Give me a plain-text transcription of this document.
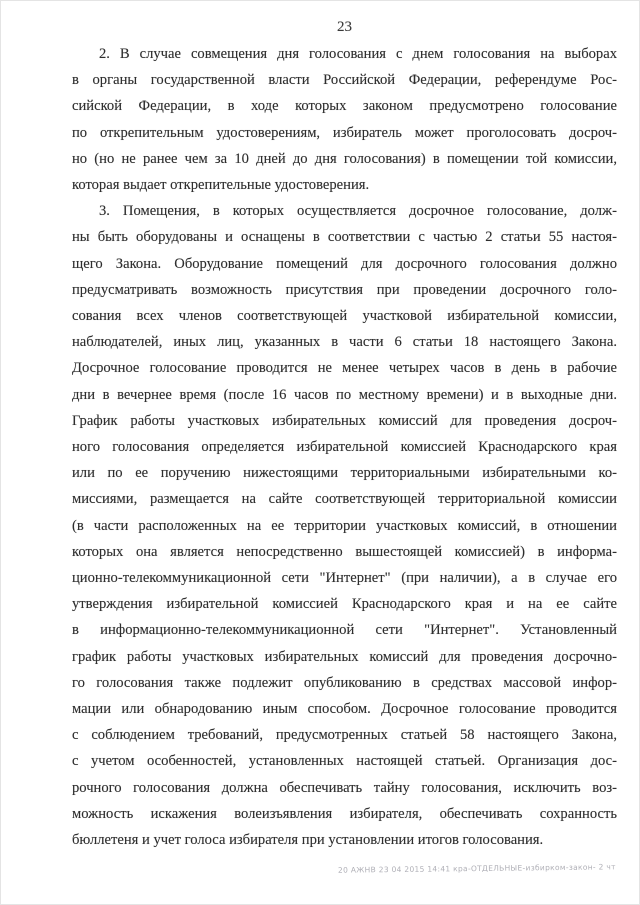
23
2. В случае совмещения дня голосования с днем голосования на выборах
в органы государственной власти Российской Федерации, референдуме Рос-
сийской Федерации, в ходе которых законом предусмотрено голосование
по открепительным удостоверениям, избиратель может проголосовать досроч-
но (но не ранее чем за 10 дней до дня голосования) в помещении той комиссии,
которая выдает открепительные удостоверения.
3. Помещения, в которых осуществляется досрочное голосование, долж-
ны быть оборудованы и оснащены в соответствии с частью 2 статьи 55 настоя-
щего Закона. Оборудование помещений для досрочного голосования должно
предусматривать возможность присутствия при проведении досрочного голо-
сования всех членов соответствующей участковой избирательной комиссии,
наблюдателей, иных лиц, указанных в части 6 статьи 18 настоящего Закона.
Досрочное голосование проводится не менее четырех часов в день в рабочие
дни в вечернее время (после 16 часов по местному времени) и в выходные дни.
График работы участковых избирательных комиссий для проведения досроч-
ного голосования определяется избирательной комиссией Краснодарского края
или по ее поручению нижестоящими территориальными избирательными ко-
миссиями, размещается на сайте соответствующей территориальной комиссии
(в части расположенных на ее территории участковых комиссий, в отношении
которых она является непосредственно вышестоящей комиссией) в информа-
ционно-телекоммуникационной сети "Интернет" (при наличии), а в случае его
утверждения избирательной комиссией Краснодарского края и на ее сайте
в информационно-телекоммуникационной сети "Интернет". Установленный
график работы участковых избирательных комиссий для проведения досрочно-
го голосования также подлежит опубликованию в средствах массовой инфор-
мации или обнародованию иным способом. Досрочное голосование проводится
с соблюдением требований, предусмотренных статьей 58 настоящего Закона,
с учетом особенностей, установленных настоящей статьей. Организация дос-
рочного голосования должна обеспечивать тайну голосования, исключить воз-
можность искажения волеизъявления избирателя, обеспечивать сохранность
бюллетеня и учет голоса избирателя при установлении итогов голосования.
20 АЖНВ 23 04 2015 14:41 кра-ОТДЕЛЬНЫЕ-избирком-закон- 2 чт
